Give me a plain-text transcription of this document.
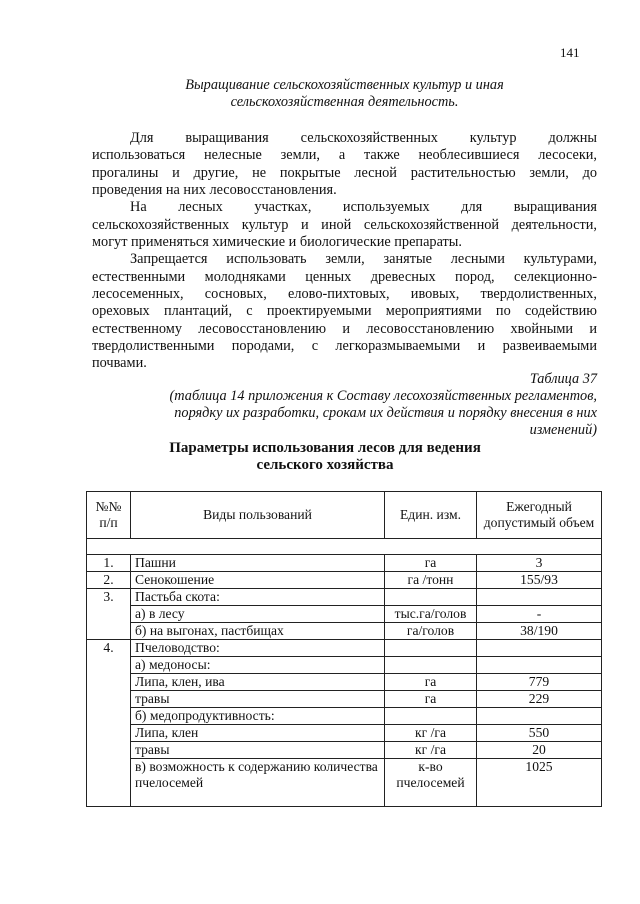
141
Выращивание сельскохозяйственных культур и иная
сельскохозяйственная деятельность.
Для выращивания сельскохозяйственных культур должны
использоваться нелесные земли, а также необлесившиеся лесосеки,
прогалины и другие, не покрытые лесной растительностью земли, до
проведения на них лесовосстановления.
На лесных участках, используемых для выращивания
сельскохозяйственных культур и иной сельскохозяйственной деятельности,
могут применяться химические и биологические препараты.
Запрещается использовать земли, занятые лесными культурами,
естественными молодняками ценных древесных пород, селекционно-
лесосеменных, сосновых, елово-пихтовых, ивовых, твердолиственных,
ореховых плантаций, с проектируемыми мероприятиями по содействию
естественному лесовосстановлению и лесовосстановлению хвойными и
твердолиственными породами, с легкоразмываемыми и развеиваемыми
почвами.
Таблица 37
(таблица 14 приложения к Составу лесохозяйственных регламентов,
порядку их разработки, срокам их действия и порядку внесения в них
изменений)
Параметры использования лесов для ведения
сельского хозяйства
№№ п/п	Виды пользований	Един. изм.	Ежегодный допустимый объем

1.	Пашни	га	3
2.	Сенокошение	га /тонн	155/93
3.	Пастьба скота:		
	а) в лесу	тыс.га/голов	-
	б) на выгонах, пастбищах	га/голов	38/190
4.	Пчеловодство:		
	а) медоносы:		
	Липа, клен, ива	га	779
	травы	га	229
	б) медопродуктивность:		
	Липа, клен	кг /га	550
	травы	кг /га	20
	в) возможность к содержанию количества пчелосемей	к-во пчелосемей	1025
